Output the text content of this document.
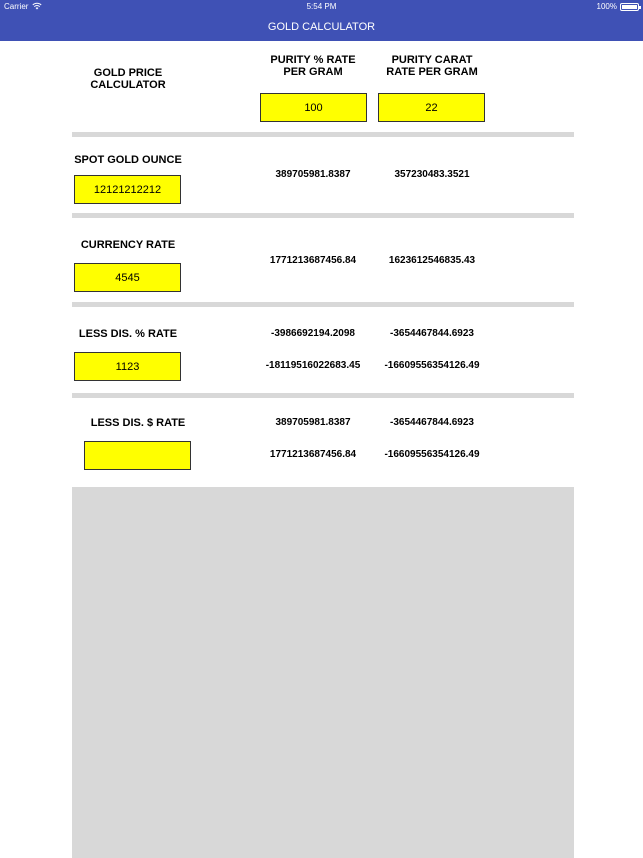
Carrier	5:54 PM	100%
GOLD CALCULATOR
GOLD PRICE
CALCULATOR
PURITY % RATE
PER GRAM
PURITY CARAT
RATE PER GRAM
100	22
SPOT GOLD OUNCE
12121212212
389705981.8387	357230483.3521
CURRENCY RATE
4545
1771213687456.84	1623612546835.43
LESS DIS. % RATE
1123
-3986692194.2098	-3654467844.6923
-18119516022683.45	-16609556354126.49
LESS DIS. $ RATE	389705981.8387	-3654467844.6923
1771213687456.84	-16609556354126.49
